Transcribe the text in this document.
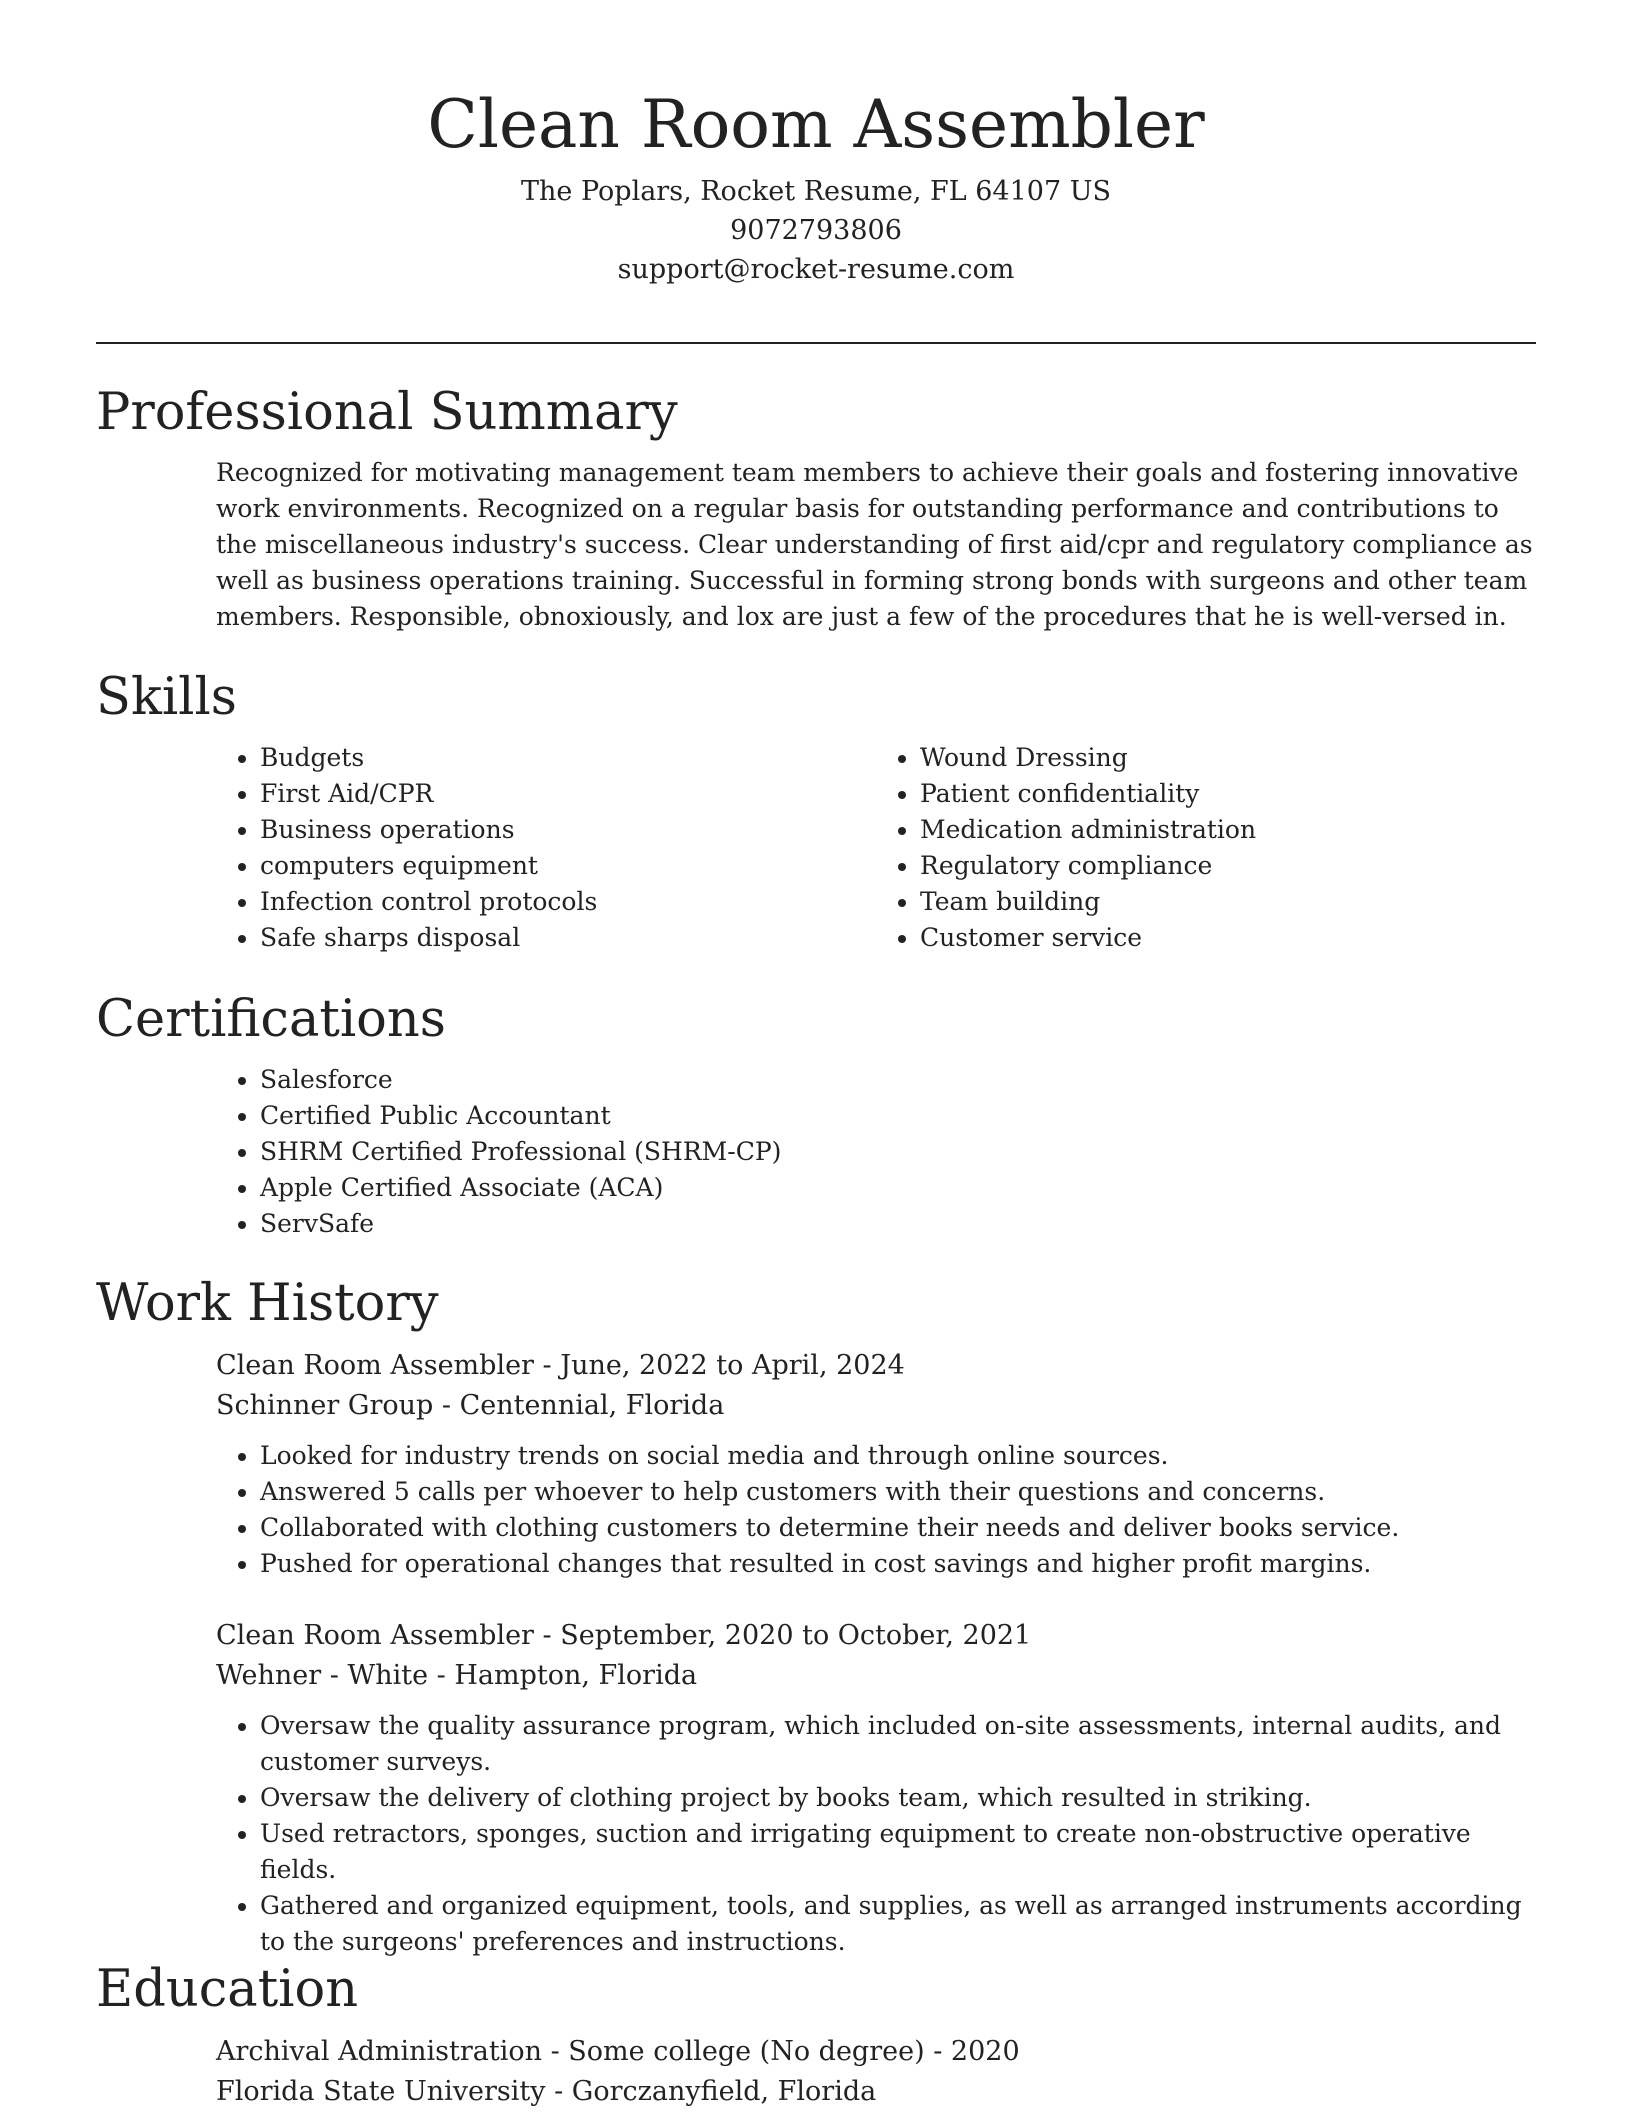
Clean Room Assembler

The Poplars, Rocket Resume, FL 64107 US

9072793806

support@rocket-resume.com

Professional Summary

Recognized for motivating management team members to achieve their goals and fostering innovative work environments. Recognized on a regular basis for outstanding performance and contributions to the miscellaneous industry's success. Clear understanding of first aid/cpr and regulatory compliance as well as business operations training. Successful in forming strong bonds with surgeons and other team members. Responsible, obnoxiously, and lox are just a few of the procedures that he is well-versed in.

Skills
• Budgets
• First Aid/CPR
• Business operations
• computers equipment
• Infection control protocols
• Safe sharps disposal
• Wound Dressing
• Patient confidentiality
• Medication administration
• Regulatory compliance
• Team building
• Customer service
Certifications
• Salesforce
• Certified Public Accountant
• SHRM Certified Professional (SHRM-CP)
• Apple Certified Associate (ACA)
• ServSafe
Work History

Clean Room Assembler - June, 2022 to April, 2024

Schinner Group - Centennial, Florida

• Looked for industry trends on social media and through online sources.
• Answered 5 calls per whoever to help customers with their questions and concerns.
• Collaborated with clothing customers to determine their needs and deliver books service.
• Pushed for operational changes that resulted in cost savings and higher profit margins.

Clean Room Assembler - September, 2020 to October, 2021

Wehner - White - Hampton, Florida

• Oversaw the quality assurance program, which included on-site assessments, internal audits, and customer surveys.
• Oversaw the delivery of clothing project by books team, which resulted in striking.
• Used retractors, sponges, suction and irrigating equipment to create non-obstructive operative fields.
• Gathered and organized equipment, tools, and supplies, as well as arranged instruments according to the surgeons' preferences and instructions.
Education

Archival Administration - Some college (No degree) - 2020

Florida State University - Gorczanyfield, Florida
